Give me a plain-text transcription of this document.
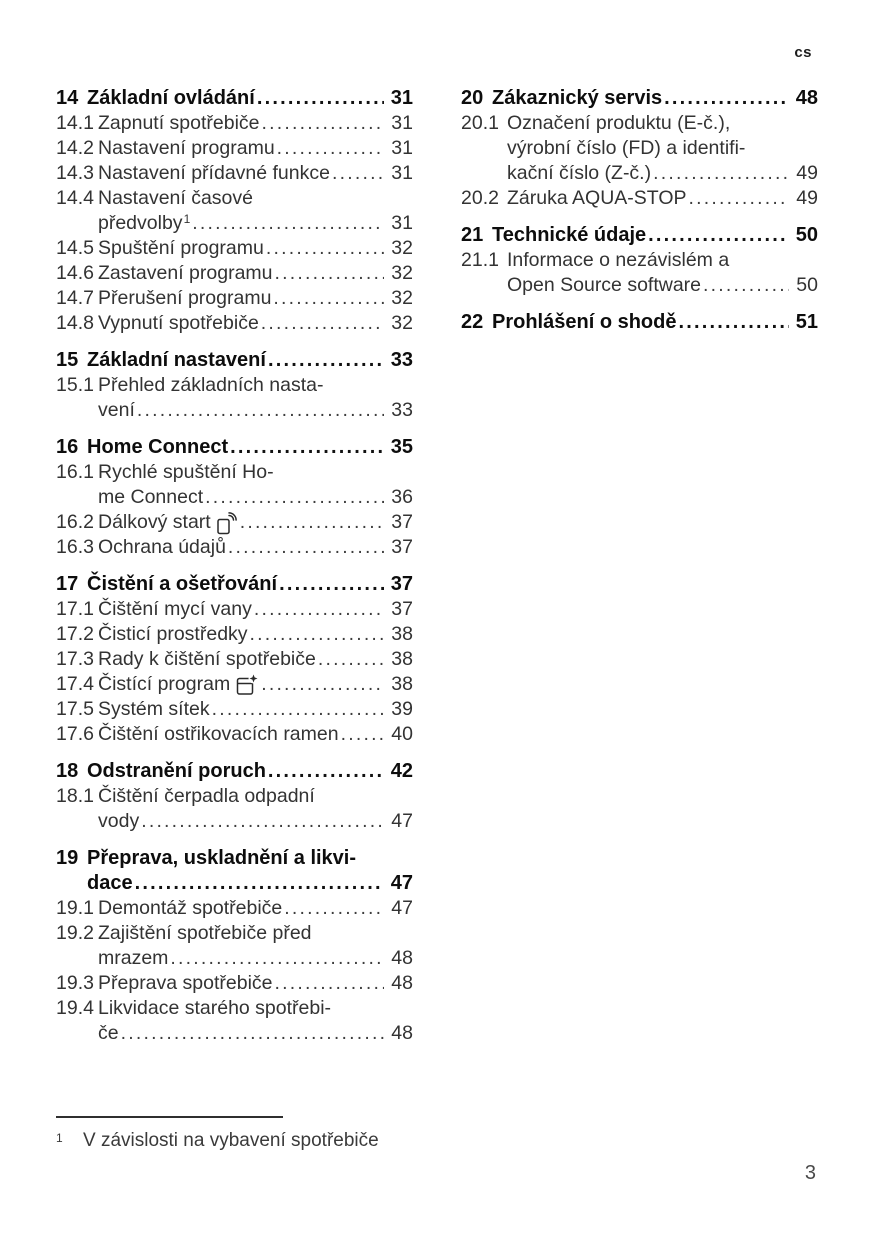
cs
14 Základní ovládání .....	31
14.1 Zapnutí spotřebiče .....	31
14.2 Nastavení programu .....	31
14.3 Nastavení přídavné funkce .....	31
14.4 Nastavení časové
předvolby 1 .....	31
14.5 Spuštění programu .....	32
14.6 Zastavení programu .....	32
14.7 Přerušení programu .....	32
14.8 Vypnutí spotřebiče .....	32
15 Základní nastavení .....	33
15.1 Přehled základních nasta-
vení .....	33
16 Home Connect .....	35
16.1 Rychlé spuštění Ho-
me Connect .....	36
16.2 Dálkový start .....	37
16.3 Ochrana údajů .....	37
17 Čistění a ošetřování .....	37
17.1 Čištění mycí vany .....	37
17.2 Čisticí prostředky .....	38
17.3 Rady k čištění spotřebiče .....	38
17.4 Čistící program .....	38
17.5 Systém sítek .....	39
17.6 Čištění ostřikovacích ramen .....	40
18 Odstranění poruch .....	42
18.1 Čištění čerpadla odpadní
vody .....	47
19 Přeprava, uskladnění a likvi-
dace .....	47
19.1 Demontáž spotřebiče .....	47
19.2 Zajištění spotřebiče před
mrazem .....	48
19.3 Přeprava spotřebiče .....	48
19.4 Likvidace starého spotřebi-
če .....	48
20 Zákaznický servis .....	48
20.1 Označení produktu (E-č.),
výrobní číslo (FD) a identifi-
kační číslo (Z-č.) .....	49
20.2 Záruka AQUA-STOP .....	49
21 Technické údaje .....	50
21.1 Informace o nezávislém a
Open Source software .....	50
22 Prohlášení o shodě .....	51
1	V závislosti na vybavení spotřebiče
3
